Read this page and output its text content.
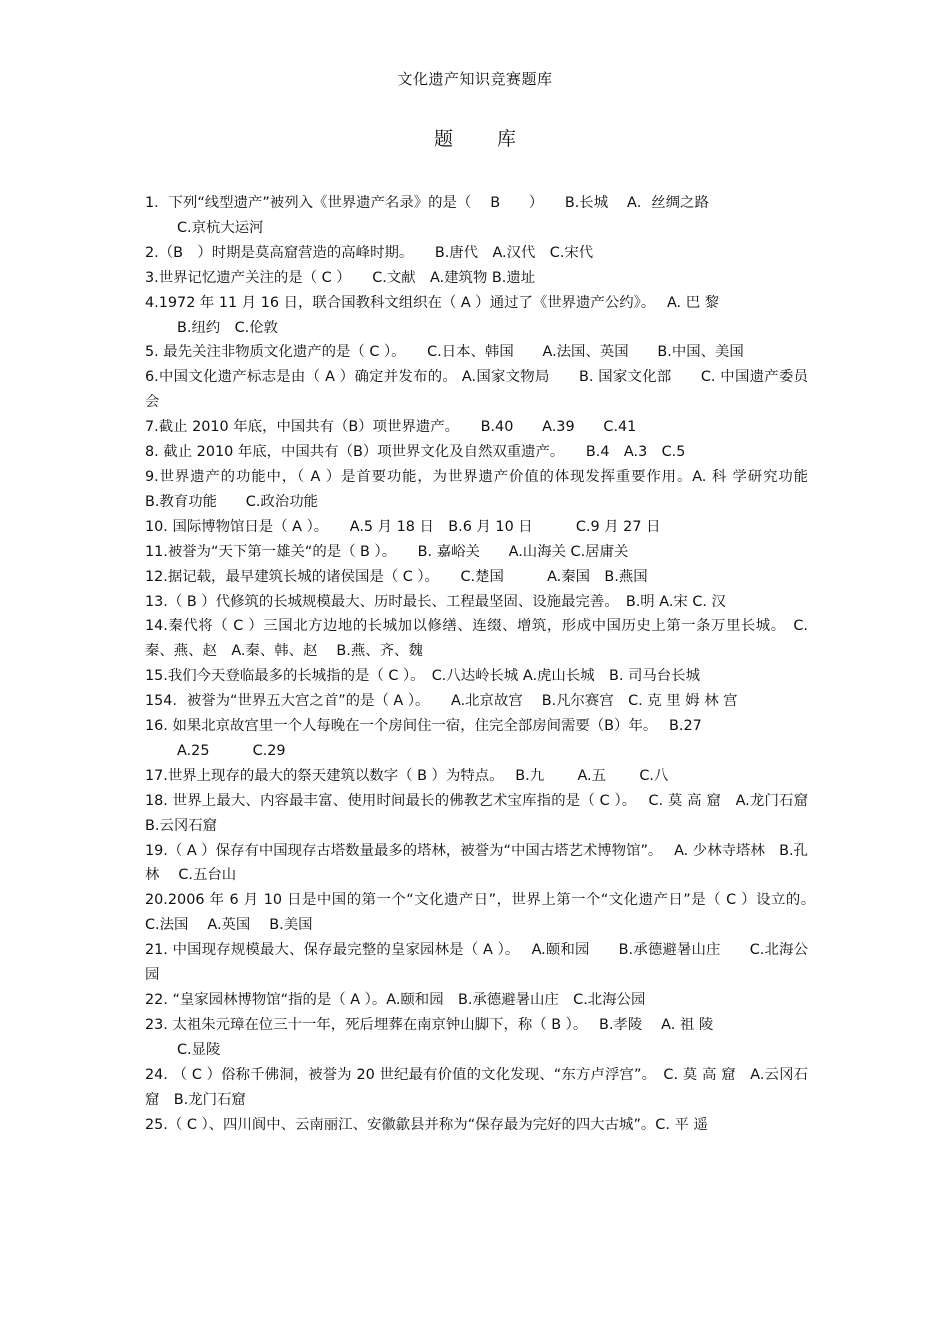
文化遗产知识竞赛题库
题 库
1．下列“线型遗产”被列入《世界遗产名录》的是（　 B　　）　　B.长城　 A．丝绸之路
C.京杭大运河
2.（B　）时期是莫高窟营造的高峰时期。　　B.唐代　A.汉代　C.宋代
3.世界记忆遗产关注的是（ C ）　　C.文献　A.建筑物 B.遗址
4.1972 年 11 月 16 日，联合国教科文组织在（ A ）通过了《世界遗产公约》。　 A. 巴 黎
B.纽约　C.伦敦
5. 最先关注非物质文化遗产的是（ C ）。　　C.日本、韩国　　A.法国、英国　　B.中国、美国
6.中国文化遗产标志是由（ A ）确定并发布的。 A.国家文物局　　B. 国家文化部　　C. 中国遗产委员会
7.截止 2010 年底，中国共有（B）项世界遗产。　　B.40　　A.39　　C.41
8. 截止 2010 年底，中国共有（B）项世界文化及自然双重遗产。　　B.4　A.3　C.5
9.世界遗产的功能中，（ A ）是首要功能，为世界遗产价值的体现发挥重要作用。A. 科 学研究功能　　B.教育功能　　C.政治功能
10. 国际博物馆日是（ A ）。　　A.5 月 18 日　B.6 月 10 日　　　C.9 月 27 日
11.被誉为“天下第一雄关“的是（ B ）。　　B. 嘉峪关　　A.山海关 C.居庸关
12.据记载，最早建筑长城的诸侯国是（ C ）。　　C.楚国　　　A.秦国　B.燕国
13.（ B ）代修筑的长城规模最大、历时最长、工程最坚固、设施最完善。　B.明 A.宋 C. 汉
14.秦代将（ C ）三国北方边地的长城加以修缮、连缀、增筑，形成中国历史上第一条万里长城。　C.秦、燕、赵　A.秦、韩、赵　 B.燕、齐、魏
15.我们今天登临最多的长城指的是（ C ）。　C.八达岭长城 A.虎山长城　B. 司马台长城
154．被誉为“世界五大宫之首”的是（ A ）。　　A.北京故宫　 B.凡尔赛宫　C. 克 里 姆 林 宫
16. 如果北京故宫里一个人每晚在一个房间住一宿，住完全部房间需要（B）年。　 B.27
A.25　　　C.29
17.世界上现存的最大的祭天建筑以数字（ B ）为特点。　 B.九　　 A.五　　 C.八
18. 世界上最大、内容最丰富、使用时间最长的佛教艺术宝库指的是（ C ）。　 C. 莫 高 窟　A.龙门石窟　 B.云冈石窟
19.（ A ）保存有中国现存古塔数量最多的塔林，被誉为“中国古塔艺术博物馆”。　 A. 少林寺塔林　B.孔林　 C.五台山
20.2006 年 6 月 10 日是中国的第一个“文化遗产日”，世界上第一个“文化遗产日”是（ C ）设立的。　 C.法国　 A.英国　 B.美国
21. 中国现存规模最大、保存最完整的皇家园林是（ A ）。　 A.颐和园　　B.承德避暑山庄　　C.北海公园
22. “皇家园林博物馆“指的是（ A ）。A.颐和园　B.承德避暑山庄　C.北海公园
23. 太祖朱元璋在位三十一年，死后埋葬在南京钟山脚下，称（ B ）。　 B.孝陵　 A. 祖 陵
C.显陵
24. （ C ）俗称千佛洞，被誉为 20 世纪最有价值的文化发现、“东方卢浮宫”。　C. 莫 高 窟　A.云冈石窟　B.龙门石窟
25.（ C ）、四川阆中、云南丽江、安徽歙县并称为“保存最为完好的四大古城”。C. 平 遥
